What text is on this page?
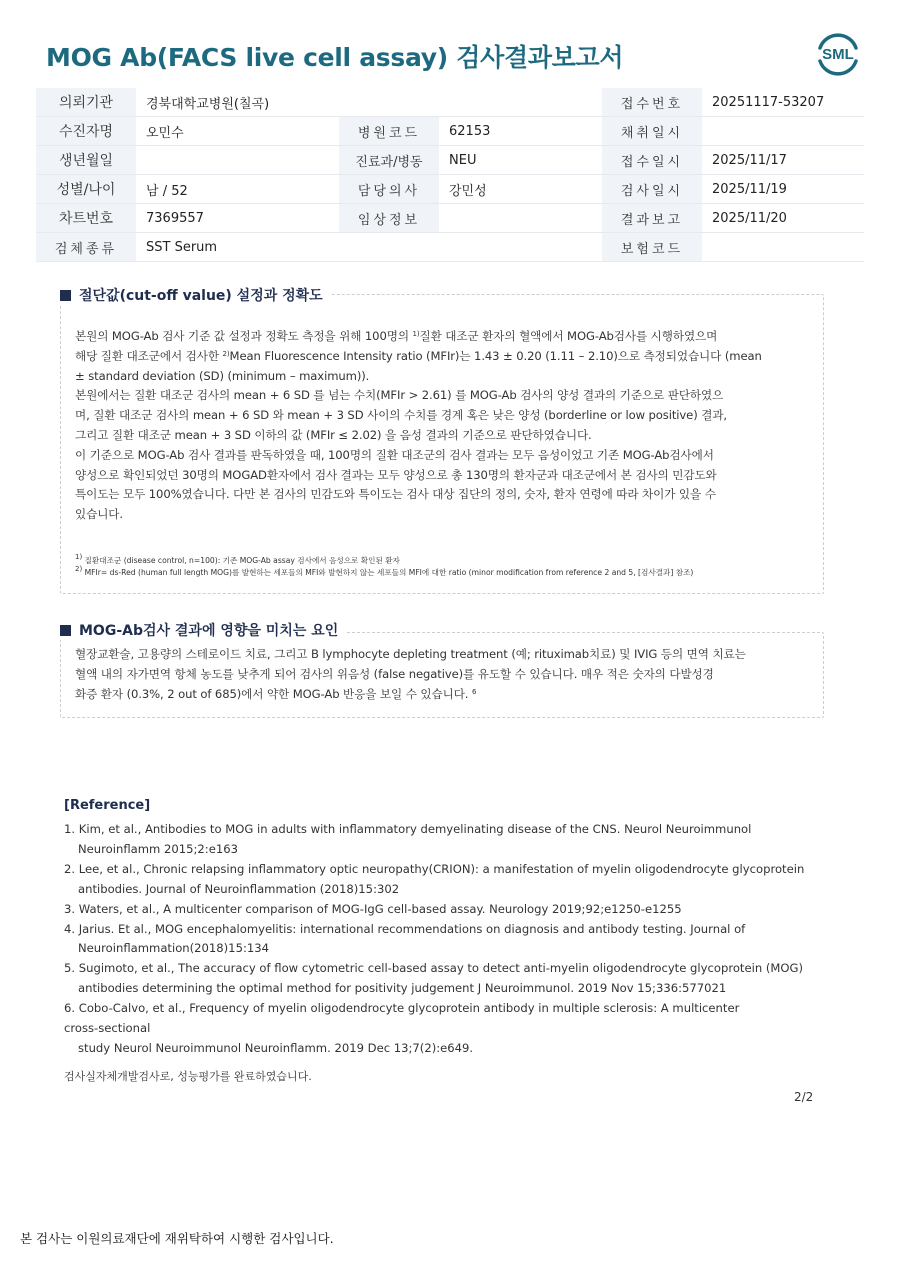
MOG Ab(FACS live cell assay) 검사결과보고서	SML
의뢰기관	경북대학교병원(칠곡)			접수번호	20251117-53207
수진자명	오민수	병원코드	62153	채취일시	
생년월일		진료과/병동	NEU	접수일시	2025/11/17
성별/나이	남 / 52	담당의사	강민성	검사일시	2025/11/19
차트번호	7369557	임상정보		결과보고	2025/11/20
검체종류	SST Serum			보험코드	
본원의 MOG-Ab 검사 기준 값 설정과 정확도 측정을 위해 100명의 $^{1)}$질환 대조군 환자의 혈액에서 MOG-Ab검사를 시행하였으며
해당 질환 대조군에서 검사한 $^{2)}$Mean Fluorescence Intensity ratio (MFIr)는 1.43 ± 0.20 (1.11 – 2.10)으로 측정되었습니다 (mean
± standard deviation (SD) (minimum – maximum)).
본원에서는 질환 대조군 검사의 mean + 6 SD 를 넘는 수치(MFIr > 2.61) 를 MOG-Ab 검사의 양성 결과의 기준으로 판단하였으
며, 질환 대조군 검사의 mean + 6 SD 와 mean + 3 SD 사이의 수치를 경계 혹은 낮은 양성 (borderline or low positive) 결과,
그리고 질환 대조군 mean + 3 SD 이하의 값 (MFIr ≤ 2.02) 을 음성 결과의 기준으로 판단하였습니다.
이 기준으로 MOG-Ab 검사 결과를 판독하였을 때, 100명의 질환 대조군의 검사 결과는 모두 음성이었고 기존 MOG-Ab검사에서
양성으로 확인되었던 30명의 MOGAD환자에서 검사 결과는 모두 양성으로 총 130명의 환자군과 대조군에서 본 검사의 민감도와
특이도는 모두 100%였습니다. 다만 본 검사의 민감도와 특이도는 검사 대상 집단의 정의, 숫자, 환자 연령에 따라 차이가 있을 수
있습니다.
$^{1)}$ 질환대조군 (disease control, n=100): 기존 MOG-Ab assay 검사에서 음성으로 확인된 환자
$^{2)}$ MFIr= ds-Red (human full length MOG)를 발현하는 세포들의 MFI와 발현하지 않는 세포들의 MFI에 대한 ratio (minor modification from reference 2 and 5, [검사결과] 참조)
절단값(cut-off value) 설정과 정확도
혈장교환술, 고용량의 스테로이드 치료, 그리고 B lymphocyte depleting treatment (예; rituximab치료) 및 IVIG 등의 면역 치료는
혈액 내의 자가면역 항체 농도를 낮추게 되어 검사의 위음성 (false negative)를 유도할 수 있습니다. 매우 적은 숫자의 다발성경
화증 환자 (0.3%, 2 out of 685)에서 약한 MOG-Ab 반응을 보일 수 있습니다. $^6$
MOG-Ab검사 결과에 영향을 미치는 요인
[Reference]
1. Kim, et al., Antibodies to MOG in adults with inflammatory demyelinating disease of the CNS. Neurol Neuroimmunol
Neuroinflamm 2015;2:e163
2. Lee, et al., Chronic relapsing inflammatory optic neuropathy(CRION): a manifestation of myelin oligodendrocyte glycoprotein
antibodies. Journal of Neuroinflammation (2018)15:302
3. Waters, et al., A multicenter comparison of MOG-IgG cell-based assay. Neurology 2019;92;e1250-e1255
4. Jarius. Et al., MOG encephalomyelitis: international recommendations on diagnosis and antibody testing. Journal of
Neuroinflammation(2018)15:134
5. Sugimoto, et al., The accuracy of flow cytometric cell-based assay to detect anti-myelin oligodendrocyte glycoprotein (MOG)
antibodies determining the optimal method for positivity judgement J Neuroimmunol. 2019 Nov 15;336:577021
6. Cobo-Calvo, et al., Frequency of myelin oligodendrocyte glycoprotein antibody in multiple sclerosis: A multicenter
cross-sectional
study Neurol Neuroimmunol Neuroinflamm. 2019 Dec 13;7(2):e649.
검사실자체개발검사로, 성능평가를 완료하였습니다.
2/2
본 검사는 이원의료재단에 재위탁하여 시행한 검사입니다.
